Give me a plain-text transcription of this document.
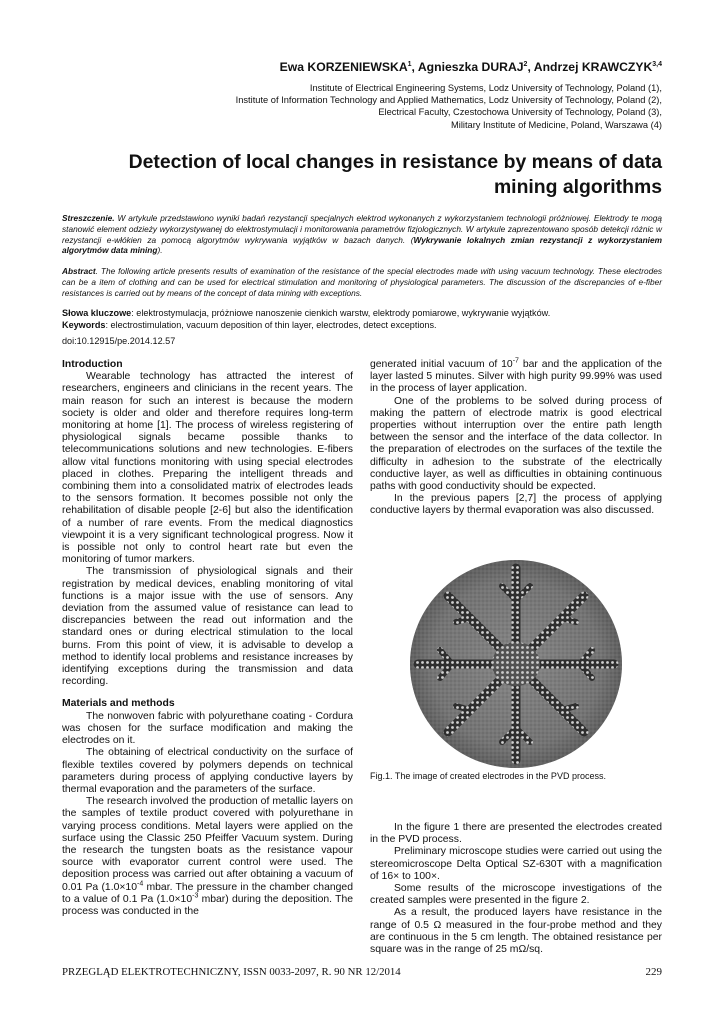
Ewa KORZENIEWSKA$^1$, Agnieszka DURAJ$^2$, Andrzej KRAWCZYK$^{3,4}$
Institute of Electrical Engineering Systems, Lodz University of Technology, Poland (1),
Institute of Information Technology and Applied Mathematics, Lodz University of Technology, Poland (2),
Electrical Faculty, Czestochowa University of Technology, Poland (3),
Military Institute of Medicine, Poland, Warszawa (4)
Detection of local changes in resistance by means of data mining algorithms
Streszczenie. W artykule przedstawiono wyniki badań rezystancji specjalnych elektrod wykonanych z wykorzystaniem technologii próżniowej. Elektrody te mogą stanowić element odzieży wykorzystywanej do elektrostymulacji i monitorowania parametrów fizjologicznych. W artykule zaprezentowano sposób detekcji różnic w rezystancji e-włókien za pomocą algorytmów wykrywania wyjątków w bazach danych. (Wykrywanie lokalnych zmian rezystancji z wykorzystaniem algorytmów data mining).
Abstract. The following article presents results of examination of the resistance of the special electrodes made with using vacuum technology. These electrodes can be a item of clothing and can be used for electrical stimulation and monitoring of physiological parameters. The discussion of the discrepancies of e-fiber resistances is carried out by means of the concept of data mining with exceptions.
Słowa kluczowe: elektrostymulacja, próżniowe nanoszenie cienkich warstw, elektrody pomiarowe, wykrywanie wyjątków.
Keywords: electrostimulation, vacuum deposition of thin layer, electrodes, detect exceptions.
doi:10.12915/pe.2014.12.57
Introduction

Wearable technology has attracted the interest of researchers, engineers and clinicians in the recent years. The main reason for such an interest is because the modern society is older and older and therefore requires long-term monitoring at home [1]. The process of wireless registering of physiological signals became possible thanks to telecommunications solutions and new technologies. E-fibers allow vital functions monitoring with using special electrodes placed in clothes. Preparing the intelligent threads and combining them into a consolidated matrix of electrodes leads to the sensors formation. It becomes possible not only the rehabilitation of disable people [2-6] but also the identification of a number of rare events. From the medical diagnostics viewpoint it is a very significant technological progress. Now it is possible not only to control heart rate but even the monitoring of tumor markers.

The transmission of physiological signals and their registration by medical devices, enabling monitoring of vital functions is a major issue with the use of sensors. Any deviation from the assumed value of resistance can lead to discrepancies between the read out information and the standard ones or during electrical stimulation to the local burns. From this point of view, it is advisable to develop a method to identify local problems and resistance increases by identifying exceptions during the transmission and data recording.

Materials and methods

The nonwoven fabric with polyurethane coating - Cordura was chosen for the surface modification and making the electrodes on it.

The obtaining of electrical conductivity on the surface of flexible textiles covered by polymers depends on technical parameters during process of applying conductive layers by thermal evaporation and the parameters of the surface.

The research involved the production of metallic layers on the samples of textile product covered with polyurethane in varying process conditions. Metal layers were applied on the surface using the Classic 250 Pfeiffer Vacuum system. During the research the tungsten boats as the resistance vapour source with evaporator current control were used. The deposition process was carried out after obtaining a vacuum of 0.01 Pa ($1.0\times 10^{-4}$ mbar. The pressure in the chamber changed to a value of 0.1 Pa ($1.0\times 10^{-3}$ mbar) during the deposition. The process was conducted in the

generated initial vacuum of $10^{-7}$ bar and the application of the layer lasted 5 minutes. Silver with high purity 99.99% was used in the process of layer application.

One of the problems to be solved during process of making the pattern of electrode matrix is good electrical properties without interruption over the entire path length between the sensor and the interface of the data collector. In the preparation of electrodes on the surfaces of the textile the difficulty in adhesion to the substrate of the electrically conductive layer, as well as difficulties in obtaining continuous paths with good conductivity should be expected.

In the previous papers [2,7] the process of applying conductive layers by thermal evaporation was also discussed.

Fig.1. The image of created electrodes in the PVD process.

In the figure 1 there are presented the electrodes created in the PVD process.

Preliminary microscope studies were carried out using the stereomicroscope Delta Optical SZ-630T with a magnification of 16× to 100×.

Some results of the microscope investigations of the created samples were presented in the figure 2.

As a result, the produced layers have resistance in the range of 0.5 Ω measured in the four-probe method and they are continuous in the 5 cm length. The obtained resistance per square was in the range of 25 mΩ/sq.

PRZEGLĄD ELEKTROTECHNICZNY, ISSN 0033-2097, R. 90 NR 12/2014	229
